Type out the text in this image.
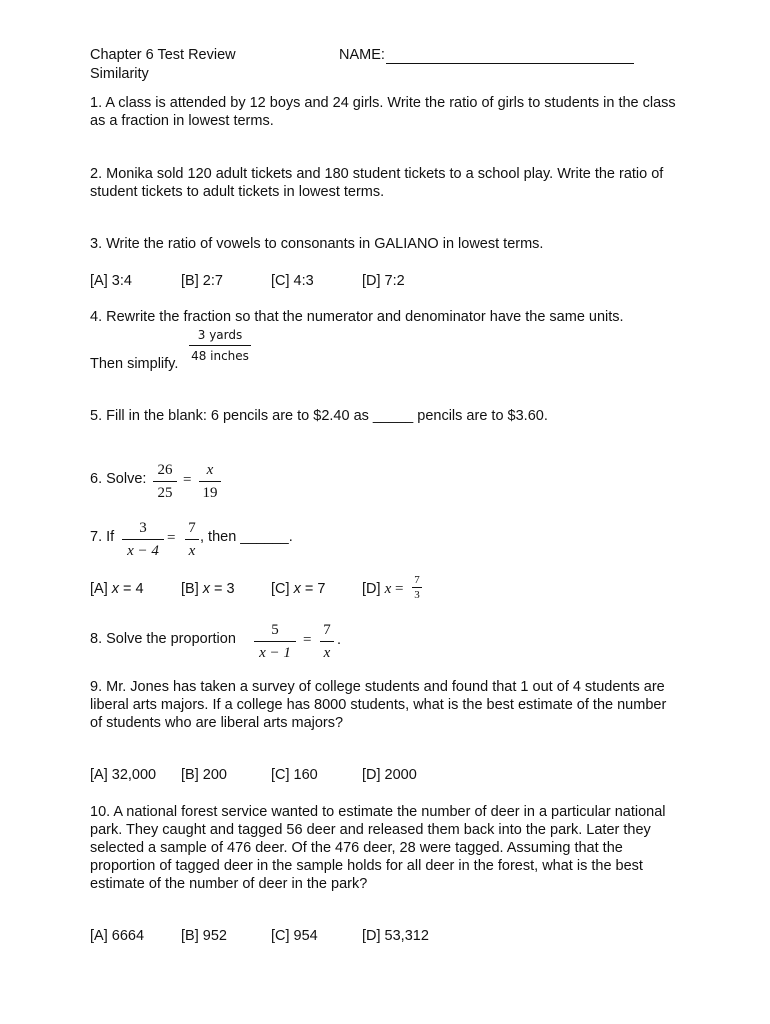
Chapter 6 Test Review
Similarity
NAME:
1. A class is attended by 12 boys and 24 girls. Write the ratio of girls to students in the class as a fraction in lowest terms.
2. Monika sold 120 adult tickets and 180 student tickets to a school play. Write the ratio of student tickets to adult tickets in lowest terms.
3. Write the ratio of vowels to consonants in GALIANO in lowest terms.
[A] 3:4	[B] 2:7	[C] 4:3	[D] 7:2
4. Rewrite the fraction so that the numerator and denominator have the same units.
3 yards
48 inches
Then simplify.
5. Fill in the blank: 6 pencils are to $2.40 as _____ pencils are to $3.60.
6. Solve:
26
25
=
x
19
7. If
3
x − 4
=
7
x
, then ______.
[A] x = 4	[B] x = 3	[C] x = 7	[D] x =
7
3
8. Solve the proportion
5
x − 1
=
7
x
.
9. Mr. Jones has taken a survey of college students and found that 1 out of 4 students are liberal arts majors. If a college has 8000 students, what is the best estimate of the number of students who are liberal arts majors?
[A] 32,000 [B] 200	[C] 160	[D] 2000
10. A national forest service wanted to estimate the number of deer in a particular national park. They caught and tagged 56 deer and released them back into the park. Later they selected a sample of 476 deer. Of the 476 deer, 28 were tagged. Assuming that the proportion of tagged deer in the sample holds for all deer in the forest, what is the best estimate of the number of deer in the park?
[A] 6664	[B] 952	[C] 954	[D] 53,312
